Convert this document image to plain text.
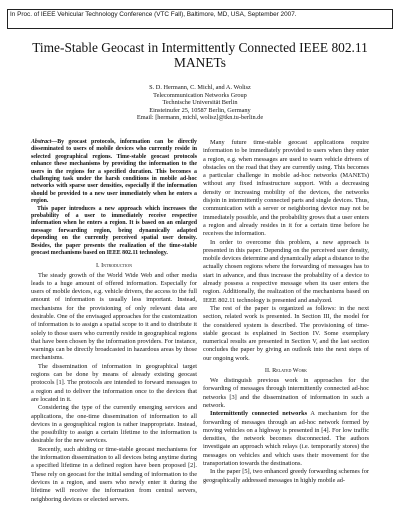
In Proc. of IEEE Vehicular Technology Conference (VTC Fall), Baltimore, MD, USA, September 2007.
Time-Stable Geocast in Intermittently Connected IEEE 802.11 MANETs
S. D. Hermann, C. Michl, and A. Wolisz
Telecommunication Networks Group
Technische Universität Berlin
Einsteinufer 25, 10587 Berlin, Germany
Email: [hermann, michl, wolisz]@tkn.tu-berlin.de

Abstract—By geocast protocols, information can be directly disseminated to users of mobile devices who currently reside in selected geographical regions. Time-stable geocast protocols enhance these mechanisms by providing the information to the users in the regions for a specified duration. This becomes a challenging task under the harsh conditions in mobile ad-hoc networks with sparse user densities, especially if the information should be provided to a new user immediately when he enters a region.

This paper introduces a new approach which increases the probability of a user to immediately receive respective information when he enters a region. It is based on an enlarged message forwarding region, being dynamically adapted depending on the currently perceived spatial user density. Besides, the paper presents the realization of the time-stable geocast mechanisms based on IEEE 802.11 technology.

I. Introduction

The steady growth of the World Wide Web and other media leads to a huge amount of offered information. Especially for users of mobile devices, e.g. vehicle drivers, the access to the full amount of information is usually less important. Instead, mechanisms for the provisioning of only relevant data are desirable. One of the envisaged approaches for the customization of information is to assign a spatial scope to it and to distribute it solely to those users who currently reside in geographical regions that have been chosen by the information providers. For instance, warnings can be directly broadcasted in hazardous areas by those mechanisms.

The dissemination of information in geographical target regions can be done by means of already existing geocast protocols [1]. The protocols are intended to forward messages to a region and to deliver the information once to the devices that are located in it.

Considering the type of the currently emerging services and applications, the one-time dissemination of information to all devices in a geographical region is rather inappropriate. Instead, the possibility to assign a certain lifetime to the information is desirable for the new services.

Recently, such abiding or time-stable geocast mechanisms for the information dissemination to all devices being anytime during a specified lifetime in a defined region have been proposed [2]. These rely on geocast for the initial sending of information to the devices in a region, and users who newly enter it during the lifetime will receive the information from central servers, neighboring devices or elected servers.

Many future time-stable geocast applications require information to be immediately provided to users when they enter a region, e.g. when messages are used to warn vehicle drivers of obstacles on the road that they are currently using. This becomes a particular challenge in mobile ad-hoc networks (MANETs) without any fixed infrastructure support. With a decreasing density or increasing mobility of the devices, the networks disjoin in intermittently connected parts and single devices. Thus, communication with a server or neighboring device may not be immediately possible, and the probability grows that a user enters a region and already resides in it for a certain time before he receives the information.

In order to overcome this problem, a new approach is presented in this paper. Depending on the perceived user density, mobile devices determine and dynamically adapt a distance to the actually chosen regions where the forwarding of messages has to start in advance, and thus increase the probability of a device to already possess a respective message when its user enters the region. Additionally, the realization of the mechanisms based on IEEE 802.11 technology is presented and analyzed.

The rest of the paper is organized as follows: in the next section, related work is presented. In Section III, the model for the considered system is described. The provisioning of time-stable geocast is explained in Section IV. Some exemplary numerical results are presented in Section V, and the last section concludes the paper by giving an outlook into the next steps of our ongoing work.

II. Related Work

We distinguish previous work in approaches for the forwarding of messages through intermittently connected ad-hoc networks [3] and the dissemination of information in such a network.

Intermittently connected networks A mechanism for the forwarding of messages through an ad-hoc network formed by moving vehicles on a highway is presented in [4]. For low traffic densities, the network becomes disconnected. The authors investigate an approach which relays (i.e. temporarily stores) the messages on vehicles and which uses their movement for the transportation towards the destinations.

In the paper [5], two enhanced greedy forwarding schemes for geographically addressed messages in highly mobile ad-
